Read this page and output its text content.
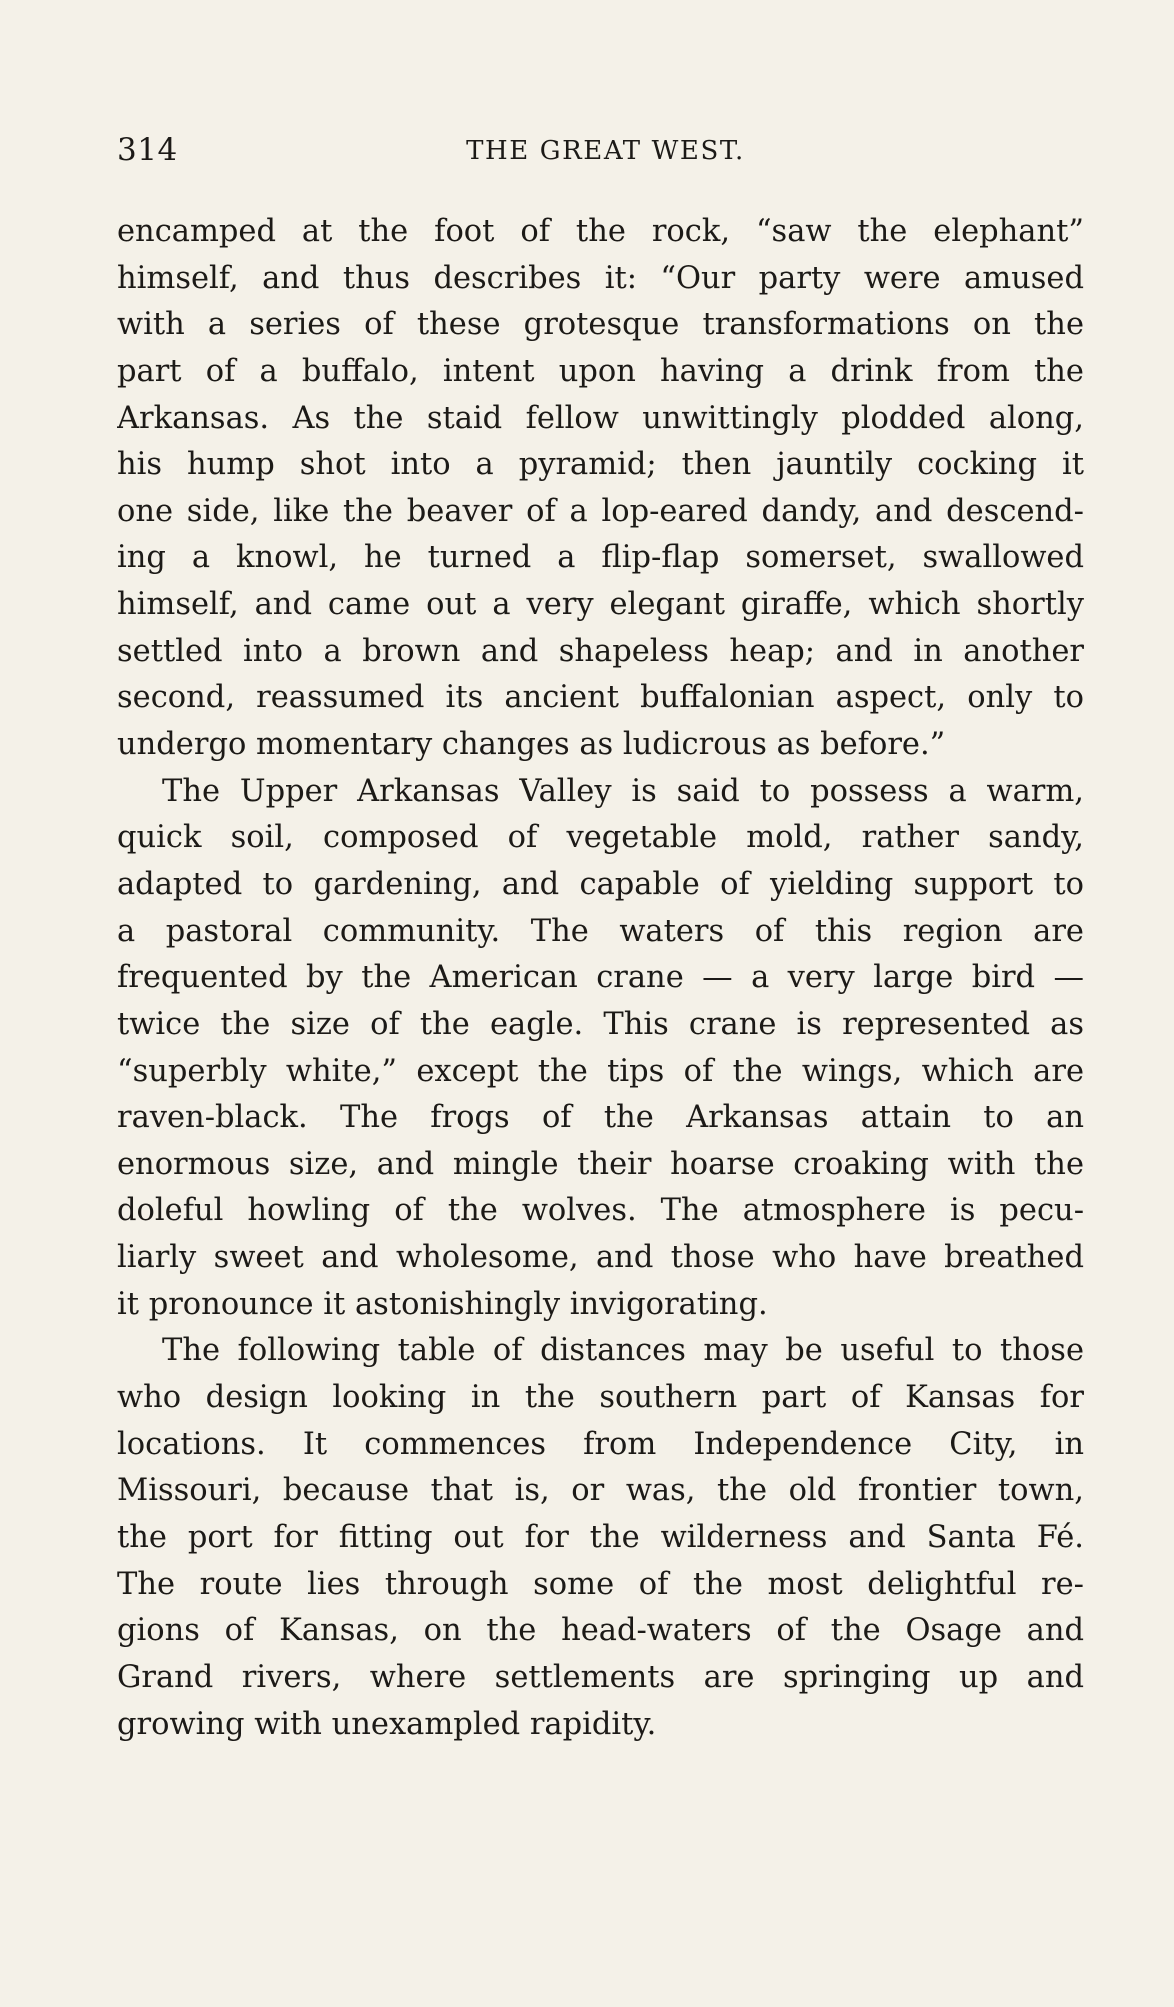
314	THE GREAT WEST.
encamped at the foot of the rock, “saw the elephant”
himself, and thus describes it: “Our party were amused
with a series of these grotesque transformations on the
part of a buffalo, intent upon having a drink from the
Arkansas. As the staid fellow unwittingly plodded along,
his hump shot into a pyramid; then jauntily cocking it
one side, like the beaver of a lop-eared dandy, and descend-
ing a knowl, he turned a flip-flap somerset, swallowed
himself, and came out a very elegant giraffe, which shortly
settled into a brown and shapeless heap; and in another
second, reassumed its ancient buffalonian aspect, only to
undergo momentary changes as ludicrous as before.”
The Upper Arkansas Valley is said to possess a warm,
quick soil, composed of vegetable mold, rather sandy,
adapted to gardening, and capable of yielding support to
a pastoral community. The waters of this region are
frequented by the American crane — a very large bird —
twice the size of the eagle. This crane is represented as
“superbly white,” except the tips of the wings, which are
raven-black. The frogs of the Arkansas attain to an
enormous size, and mingle their hoarse croaking with the
doleful howling of the wolves. The atmosphere is pecu-
liarly sweet and wholesome, and those who have breathed
it pronounce it astonishingly invigorating.
The following table of distances may be useful to those
who design looking in the southern part of Kansas for
locations. It commences from Independence City, in
Missouri, because that is, or was, the old frontier town,
the port for fitting out for the wilderness and Santa Fé.
The route lies through some of the most delightful re-
gions of Kansas, on the head-waters of the Osage and
Grand rivers, where settlements are springing up and
growing with unexampled rapidity.
